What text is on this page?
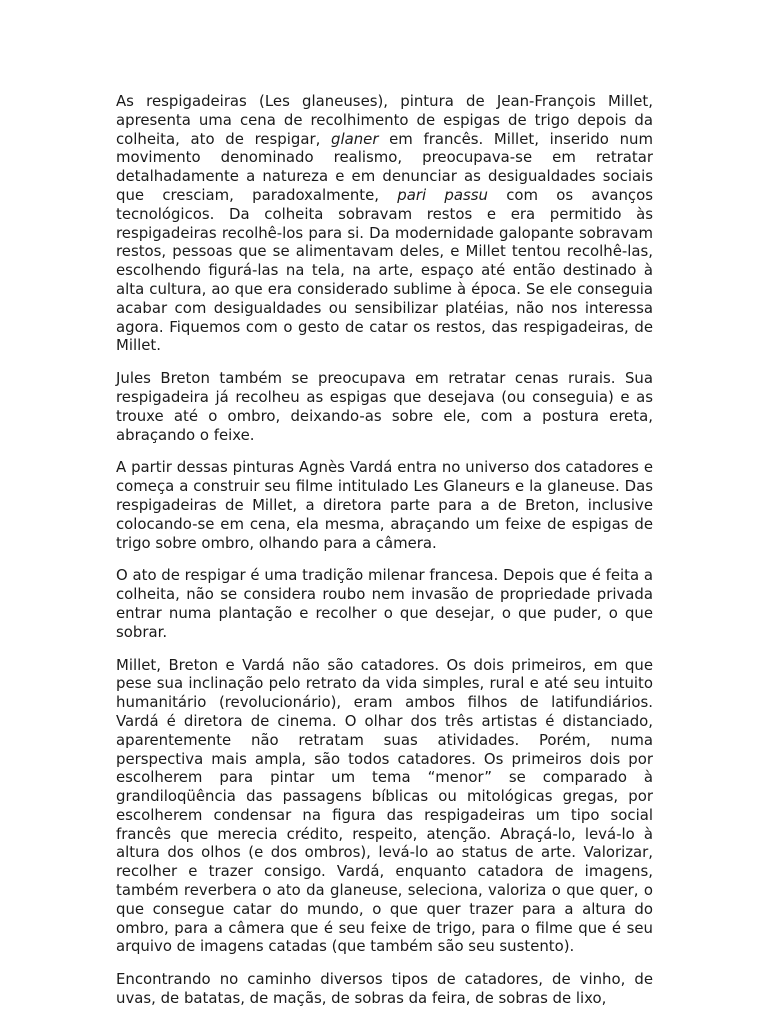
As respigadeiras (Les glaneuses), pintura de Jean-François Millet, apresenta uma cena de recolhimento de espigas de trigo depois da colheita, ato de respigar, glaner em francês. Millet, inserido num movimento denominado realismo, preocupava-se em retratar detalhadamente a natureza e em denunciar as desigualdades sociais que cresciam, paradoxalmente, pari passu com os avanços tecnológicos. Da colheita sobravam restos e era permitido às respigadeiras recolhê-los para si. Da modernidade galopante sobravam restos, pessoas que se alimentavam deles, e Millet tentou recolhê-las, escolhendo figurá-las na tela, na arte, espaço até então destinado à alta cultura, ao que era considerado sublime à época. Se ele conseguia acabar com desigualdades ou sensibilizar platéias, não nos interessa agora. Fiquemos com o gesto de catar os restos, das respigadeiras, de Millet.

Jules Breton também se preocupava em retratar cenas rurais. Sua respigadeira já recolheu as espigas que desejava (ou conseguia) e as trouxe até o ombro, deixando-as sobre ele, com a postura ereta, abraçando o feixe.

A partir dessas pinturas Agnès Vardá entra no universo dos catadores e começa a construir seu filme intitulado Les Glaneurs e la glaneuse. Das respigadeiras de Millet, a diretora parte para a de Breton, inclusive colocando-se em cena, ela mesma, abraçando um feixe de espigas de trigo sobre ombro, olhando para a câmera.

O ato de respigar é uma tradição milenar francesa. Depois que é feita a colheita, não se considera roubo nem invasão de propriedade privada entrar numa plantação e recolher o que desejar, o que puder, o que sobrar.

Millet, Breton e Vardá não são catadores. Os dois primeiros, em que pese sua inclinação pelo retrato da vida simples, rural e até seu intuito humanitário (revolucionário), eram ambos filhos de latifundiários. Vardá é diretora de cinema. O olhar dos três artistas é distanciado, aparentemente não retratam suas atividades. Porém, numa perspectiva mais ampla, são todos catadores. Os primeiros dois por escolherem para pintar um tema “menor” se comparado à grandiloqüência das passagens bíblicas ou mitológicas gregas, por escolherem condensar na figura das respigadeiras um tipo social francês que merecia crédito, respeito, atenção. Abraçá-lo, levá-lo à altura dos olhos (e dos ombros), levá-lo ao status de arte. Valorizar, recolher e trazer consigo. Vardá, enquanto catadora de imagens, também reverbera o ato da glaneuse, seleciona, valoriza o que quer, o que consegue catar do mundo, o que quer trazer para a altura do ombro, para a câmera que é seu feixe de trigo, para o filme que é seu arquivo de imagens catadas (que também são seu sustento).

Encontrando no caminho diversos tipos de catadores, de vinho, de uvas, de batatas, de maçãs, de sobras da feira, de sobras de lixo,
